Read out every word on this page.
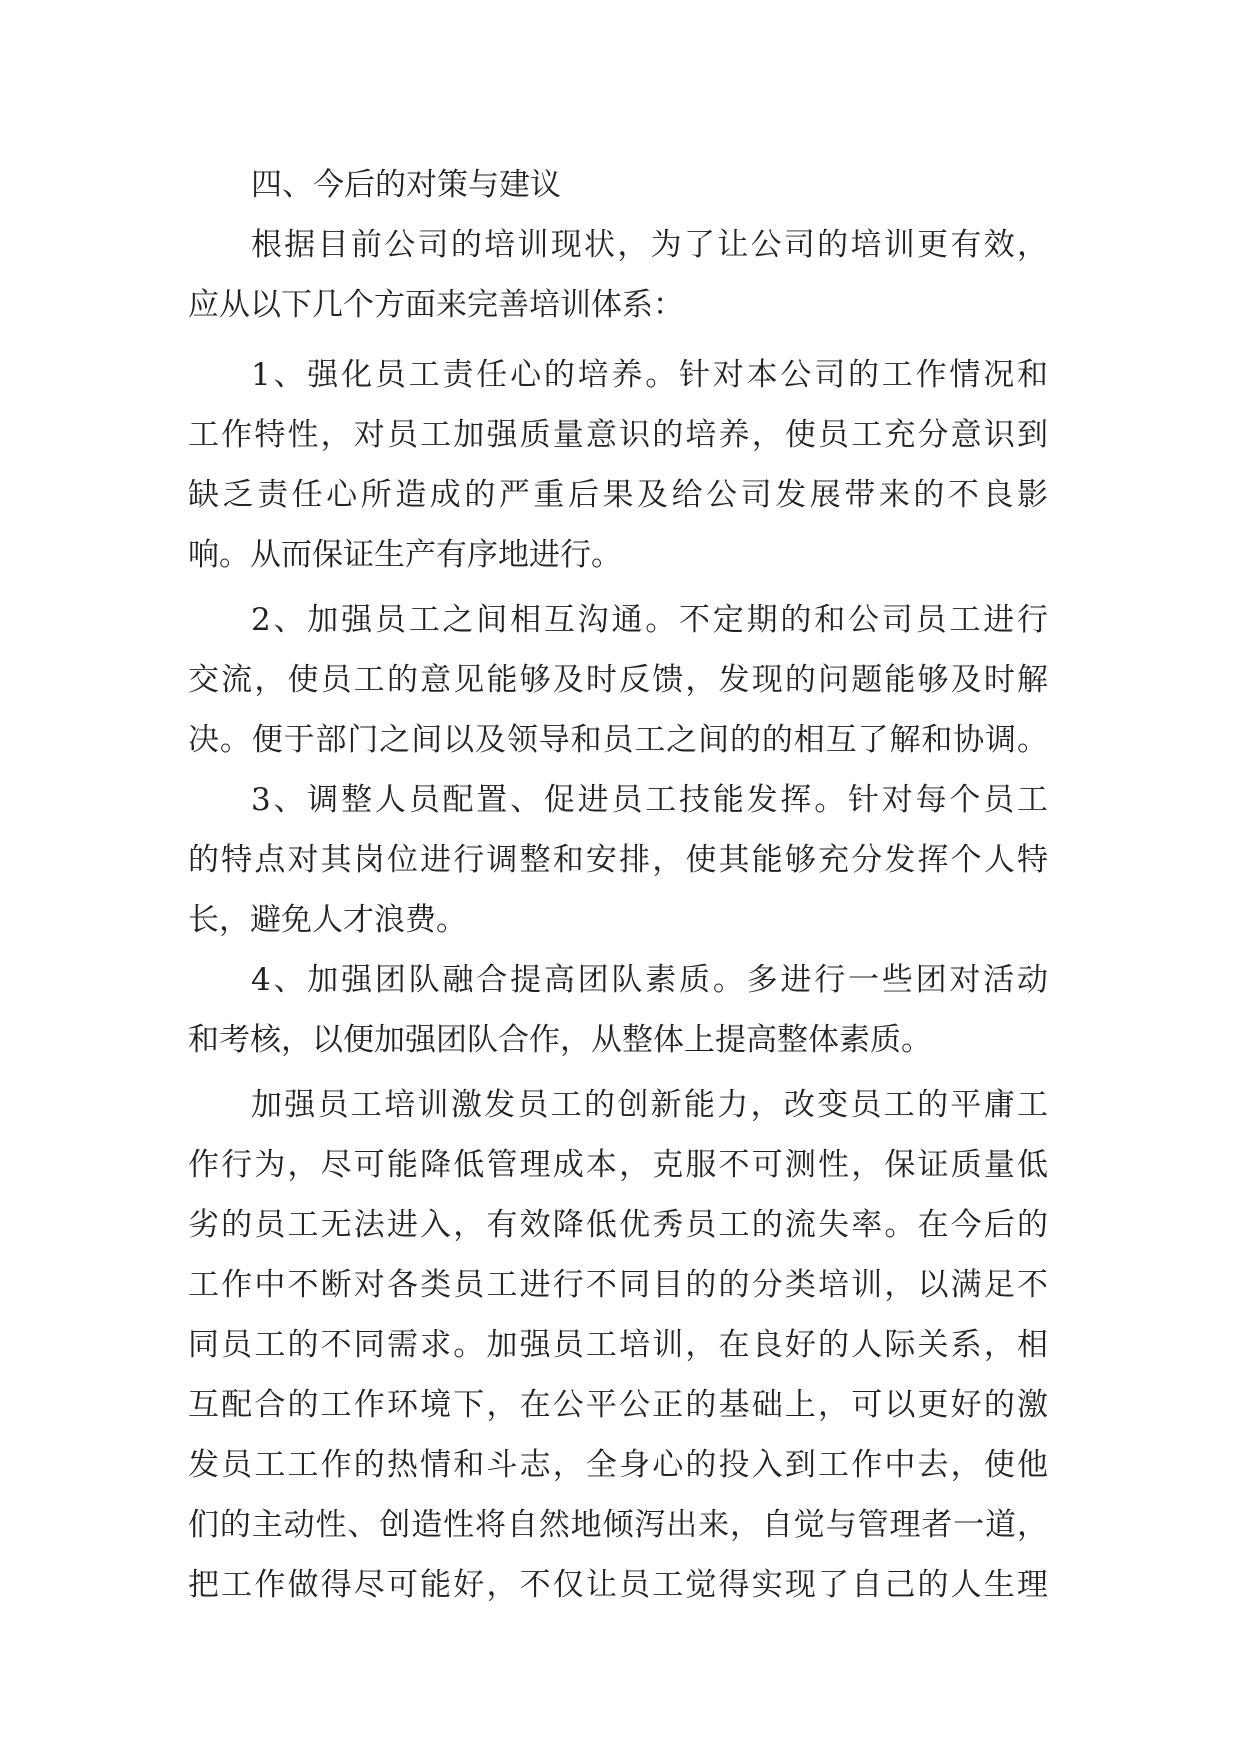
四、今后的对策与建议
根据目前公司的培训现状，为了让公司的培训更有效，
应从以下几个方面来完善培训体系：
1、强化员工责任心的培养。针对本公司的工作情况和
工作特性，对员工加强质量意识的培养，使员工充分意识到
缺乏责任心所造成的严重后果及给公司发展带来的不良影
响。从而保证生产有序地进行。
2、加强员工之间相互沟通。不定期的和公司员工进行
交流，使员工的意见能够及时反馈，发现的问题能够及时解
决。便于部门之间以及领导和员工之间的的相互了解和协调。
3、调整人员配置、促进员工技能发挥。针对每个员工
的特点对其岗位进行调整和安排，使其能够充分发挥个人特
长，避免人才浪费。
4、加强团队融合提高团队素质。多进行一些团对活动
和考核，以便加强团队合作，从整体上提高整体素质。
加强员工培训激发员工的创新能力，改变员工的平庸工
作行为，尽可能降低管理成本，克服不可测性，保证质量低
劣的员工无法进入，有效降低优秀员工的流失率。在今后的
工作中不断对各类员工进行不同目的的分类培训，以满足不
同员工的不同需求。加强员工培训，在良好的人际关系，相
互配合的工作环境下，在公平公正的基础上，可以更好的激
发员工工作的热情和斗志，全身心的投入到工作中去，使他
们的主动性、创造性将自然地倾泻出来，自觉与管理者一道，
把工作做得尽可能好，不仅让员工觉得实现了自己的人生理
